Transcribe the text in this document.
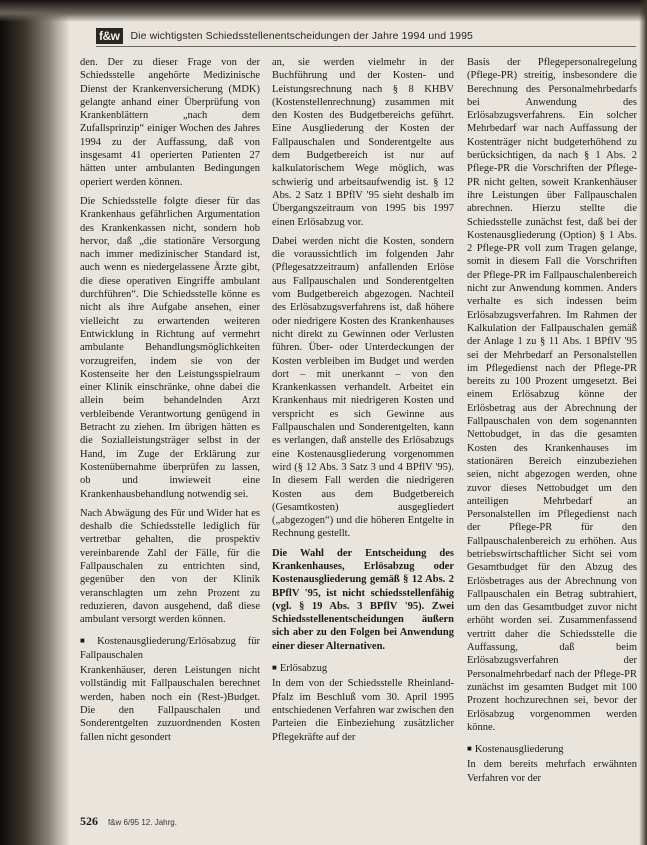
f&w Die wichtigsten Schiedsstellenentscheidungen der Jahre 1994 und 1995

den. Der zu dieser Frage von der Schiedsstelle angehörte Medizinische Dienst der Krankenversicherung (MDK) gelangte anhand einer Überprüfung von Krankenblättern „nach dem Zufallsprinzip“ einiger Wochen des Jahres 1994 zu der Auffassung, daß von insgesamt 41 operierten Patienten 27 hätten unter ambulanten Bedingungen operiert werden können.

Die Schiedsstelle folgte dieser für das Krankenhaus gefährlichen Argumentation des Krankenkassen nicht, sondern hob hervor, daß „die stationäre Versorgung nach immer medizinischer Standard ist, auch wenn es niedergelassene Ärzte gibt, die diese operativen Eingriffe ambulant durchführen“. Die Schiedsstelle könne es nicht als ihre Aufgabe ansehen, einer vielleicht zu erwartenden weiteren Entwicklung in Richtung auf vermehrt ambulante Behandlungsmöglichkeiten vorzugreifen, indem sie von der Kostenseite her den Leistungsspielraum einer Klinik einschränke, ohne dabei die allein beim behandelnden Arzt verbleibende Verantwortung genügend in Betracht zu ziehen. Im übrigen hätten es die Sozialleistungsträger selbst in der Hand, im Zuge der Erklärung zur Kostenübernahme überprüfen zu lassen, ob und inwieweit eine Krankenhausbehandlung notwendig sei.

Nach Abwägung des Für und Wider hat es deshalb die Schiedsstelle lediglich für vertretbar gehalten, die prospektiv vereinbarende Zahl der Fälle, für die Fallpauschalen zu entrichten sind, gegenüber den von der Klinik veranschlagten um zehn Prozent zu reduzieren, davon ausgehend, daß diese ambulant versorgt werden können.

■ Kostenausgliederung/Erlösabzug für Fallpauschalen

Krankenhäuser, deren Leistungen nicht vollständig mit Fallpauschalen berechnet werden, haben noch ein (Rest-)Budget. Die den Fallpauschalen und Sonderentgelten zuzuordnenden Kosten fallen nicht gesondert

an, sie werden vielmehr in der Buchführung und der Kosten- und Leistungsrechnung nach § 8 KHBV (Kostenstellenrechnung) zusammen mit den Kosten des Budgetbereichs geführt. Eine Ausgliederung der Kosten der Fallpauschalen und Sonderentgelte aus dem Budgetbereich ist nur auf kalkulatorischem Wege möglich, was schwierig und arbeitsaufwendig ist. § 12 Abs. 2 Satz 1 BPflV '95 sieht deshalb im Übergangszeitraum von 1995 bis 1997 einen Erlösabzug vor.

Dabei werden nicht die Kosten, sondern die voraussichtlich im folgenden Jahr (Pflegesatzzeitraum) anfallenden Erlöse aus Fallpauschalen und Sonderentgelten vom Budgetbereich abgezogen. Nachteil des Erlösabzugsverfahrens ist, daß höhere oder niedrigere Kosten des Krankenhauses nicht direkt zu Gewinnen oder Verlusten führen. Über- oder Unterdeckungen der Kosten verbleiben im Budget und werden dort – mit unerkannt – von den Krankenkassen verhandelt. Arbeitet ein Krankenhaus mit niedrigeren Kosten und verspricht es sich Gewinne aus Fallpauschalen und Sonderentgelten, kann es verlangen, daß anstelle des Erlösabzugs eine Kostenausgliederung vorgenommen wird (§ 12 Abs. 3 Satz 3 und 4 BPflV '95). In diesem Fall werden die niedrigeren Kosten aus dem Budgetbereich (Gesamtkosten) ausgegliedert („abgezogen“) und die höheren Entgelte in Rechnung gestellt.

Die Wahl der Entscheidung des Krankenhauses, Erlösabzug oder Kostenausgliederung gemäß § 12 Abs. 2 BPflV '95, ist nicht schiedsstellenfähig (vgl. § 19 Abs. 3 BPflV '95). Zwei Schiedsstellenentscheidungen äußern sich aber zu den Folgen bei Anwendung einer dieser Alternativen.

■ Erlösabzug

In dem von der Schiedsstelle Rheinland-Pfalz im Beschluß vom 30. April 1995 entschiedenen Verfahren war zwischen den Parteien die Einbeziehung zusätzlicher Pflegekräfte auf der

Basis der Pflegepersonalregelung (Pflege-PR) streitig, insbesondere die Berechnung des Personalmehrbedarfs bei Anwendung des Erlösabzugsverfahrens. Ein solcher Mehrbedarf war nach Auffassung der Kostenträger nicht budgeterhöhend zu berücksichtigen, da nach § 1 Abs. 2 Pflege-PR die Vorschriften der Pflege-PR nicht gelten, soweit Krankenhäuser ihre Leistungen über Fallpauschalen abrechnen. Hierzu stellte die Schiedsstelle zunächst fest, daß bei der Kostenausgliederung (Option) § 1 Abs. 2 Pflege-PR voll zum Tragen gelange, somit in diesem Fall die Vorschriften der Pflege-PR im Fallpauschalenbereich nicht zur Anwendung kommen. Anders verhalte es sich indessen beim Erlösabzugsverfahren. Im Rahmen der Kalkulation der Fallpauschalen gemäß der Anlage 1 zu § 11 Abs. 1 BPflV '95 sei der Mehrbedarf an Personalstellen im Pflegedienst nach der Pflege-PR bereits zu 100 Prozent umgesetzt. Bei einem Erlösabzug könne der Erlösbetrag aus der Abrechnung der Fallpauschalen von dem sogenannten Nettobudget, in das die gesamten Kosten des Krankenhauses im stationären Bereich einzubeziehen seien, nicht abgezogen werden, ohne zuvor dieses Nettobudget um den anteiligen Mehrbedarf an Personalstellen im Pflegedienst nach der Pflege-PR für den Fallpauschalenbereich zu erhöhen. Aus betriebswirtschaftlicher Sicht sei vom Gesamtbudget für den Abzug des Erlösbetrages aus der Abrechnung von Fallpauschalen ein Betrag subtrahiert, um den das Gesamtbudget zuvor nicht erhöht worden sei. Zusammenfassend vertritt daher die Schiedsstelle die Auffassung, daß beim Erlösabzugsverfahren der Personalmehrbedarf nach der Pflege-PR zunächst im gesamten Budget mit 100 Prozent hochzurechnen sei, bevor der Erlösabzug vorgenommen werden könne.

■ Kostenausgliederung

In dem bereits mehrfach erwähnten Verfahren vor der

526 f&w 6/95 12. Jahrg.
